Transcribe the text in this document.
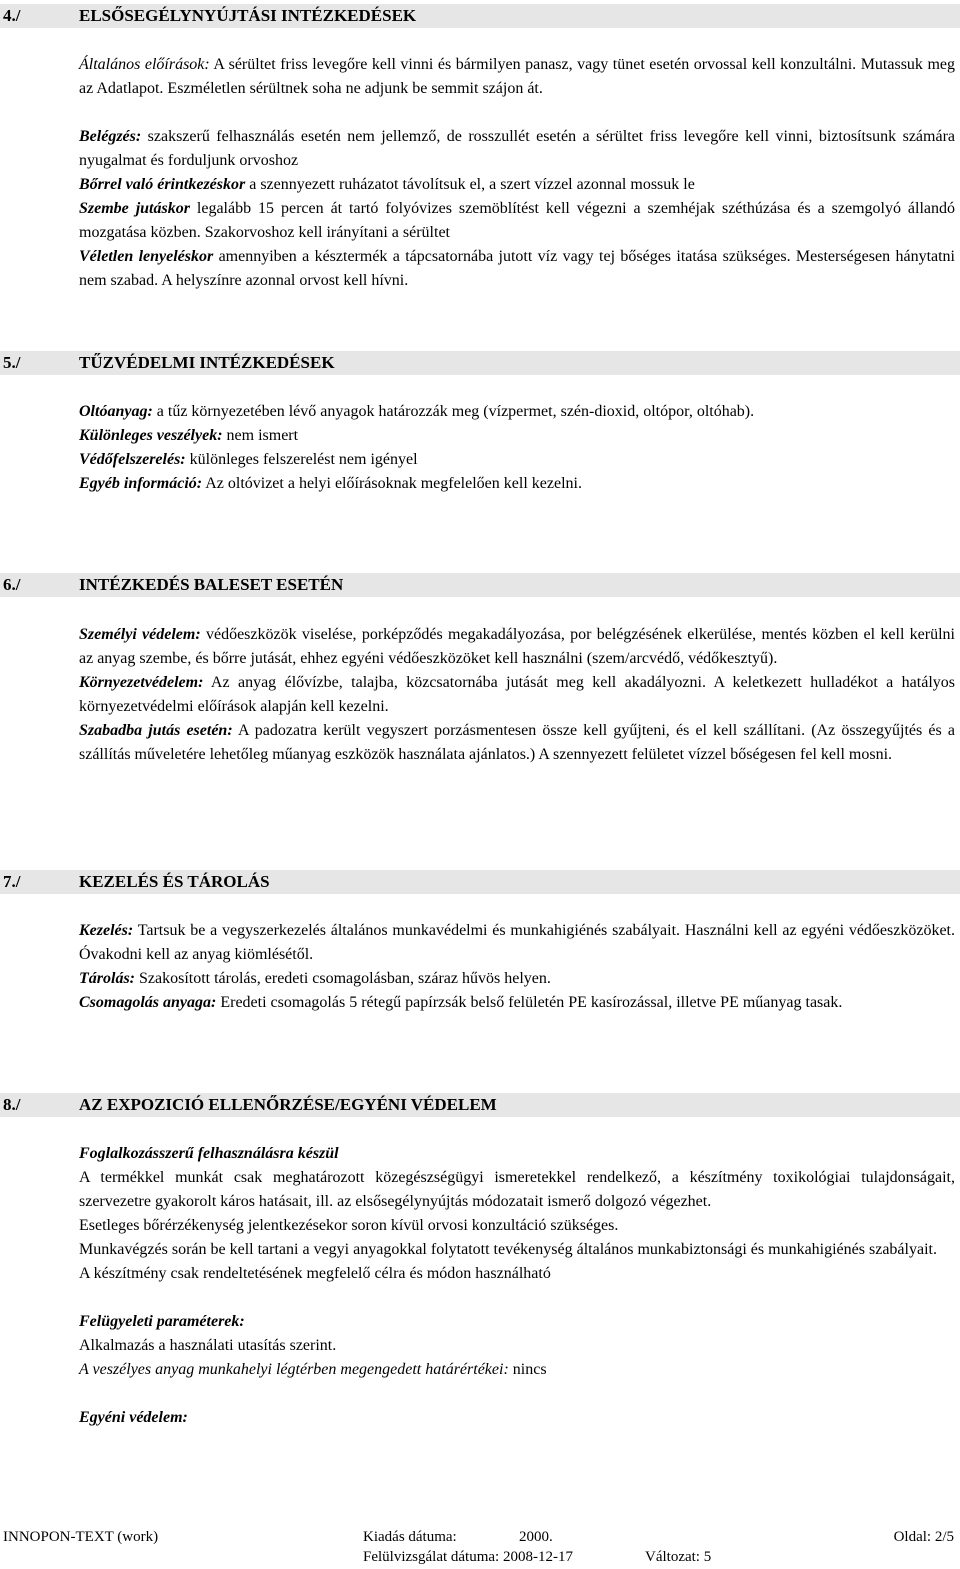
4./	ELSŐSEGÉLYNYÚJTÁSI INTÉZKEDÉSEK

Általános előírások: A sérültet friss levegőre kell vinni és bármilyen panasz, vagy tünet esetén orvossal kell konzultálni. Mutassuk meg az Adatlapot. Eszméletlen sérültnek soha ne adjunk be semmit szájon át.

Belégzés: szakszerű felhasználás esetén nem jellemző, de rosszullét esetén a sérültet friss levegőre kell vinni, biztosítsunk számára nyugalmat és forduljunk orvoshoz

Bőrrel való érintkezéskor a szennyezett ruházatot távolítsuk el, a szert vízzel azonnal mossuk le

Szembe jutáskor legalább 15 percen át tartó folyóvizes szemöblítést kell végezni a szemhéjak széthúzása és a szemgolyó állandó mozgatása közben. Szakorvoshoz kell irányítani a sérültet

Véletlen lenyeléskor amennyiben a késztermék a tápcsatornába jutott víz vagy tej bőséges itatása szükséges. Mesterségesen hánytatni nem szabad. A helyszínre azonnal orvost kell hívni.

5./	TŰZVÉDELMI INTÉZKEDÉSEK

Oltóanyag: a tűz környezetében lévő anyagok határozzák meg (vízpermet, szén-dioxid, oltópor, oltóhab).

Különleges veszélyek: nem ismert

Védőfelszerelés: különleges felszerelést nem igényel

Egyéb információ: Az oltóvizet a helyi előírásoknak megfelelően kell kezelni.

6./	INTÉZKEDÉS BALESET ESETÉN

Személyi védelem: védőeszközök viselése, porképződés megakadályozása, por belégzésének elkerülése, mentés közben el kell kerülni az anyag szembe, és bőrre jutását, ehhez egyéni védőeszközöket kell használni (szem/arcvédő, védőkesztyű).

Környezetvédelem: Az anyag élővízbe, talajba, közcsatornába jutását meg kell akadályozni. A keletkezett hulladékot a hatályos környezetvédelmi előírások alapján kell kezelni.

Szabadba jutás esetén: A padozatra került vegyszert porzásmentesen össze kell gyűjteni, és el kell szállítani. (Az összegyűjtés és a szállítás műveletére lehetőleg műanyag eszközök használata ajánlatos.) A szennyezett felületet vízzel bőségesen fel kell mosni.

7./	KEZELÉS ÉS TÁROLÁS

Kezelés: Tartsuk be a vegyszerkezelés általános munkavédelmi és munkahigiénés szabályait. Használni kell az egyéni védőeszközöket. Óvakodni kell az anyag kiömlésétől.

Tárolás: Szakosított tárolás, eredeti csomagolásban, száraz hűvös helyen.

Csomagolás anyaga: Eredeti csomagolás 5 rétegű papírzsák belső felületén PE kasírozással, illetve PE műanyag tasak.

8./	AZ EXPOZICIÓ ELLENŐRZÉSE/EGYÉNI VÉDELEM

Foglalkozásszerű felhasználásra készül

A termékkel munkát csak meghatározott közegészségügyi ismeretekkel rendelkező, a készítmény toxikológiai tulajdonságait, szervezetre gyakorolt káros hatásait, ill. az elsősegélynyújtás módozatait ismerő dolgozó végezhet.

Esetleges bőrérzékenység jelentkezésekor soron kívül orvosi konzultáció szükséges.

Munkavégzés során be kell tartani a vegyi anyagokkal folytatott tevékenység általános munkabiztonsági és munkahigiénés szabályait.

A készítmény csak rendeltetésének megfelelő célra és módon használható

Felügyeleti paraméterek:

Alkalmazás a használati utasítás szerint.

A veszélyes anyag munkahelyi légtérben megengedett határértékei: nincs

Egyéni védelem:

INNOPON-TEXT (work)	Kiadás dátuma:	2000.	Oldal: 2/5
Felülvizsgálat dátuma: 2008-12-17	Változat: 5
